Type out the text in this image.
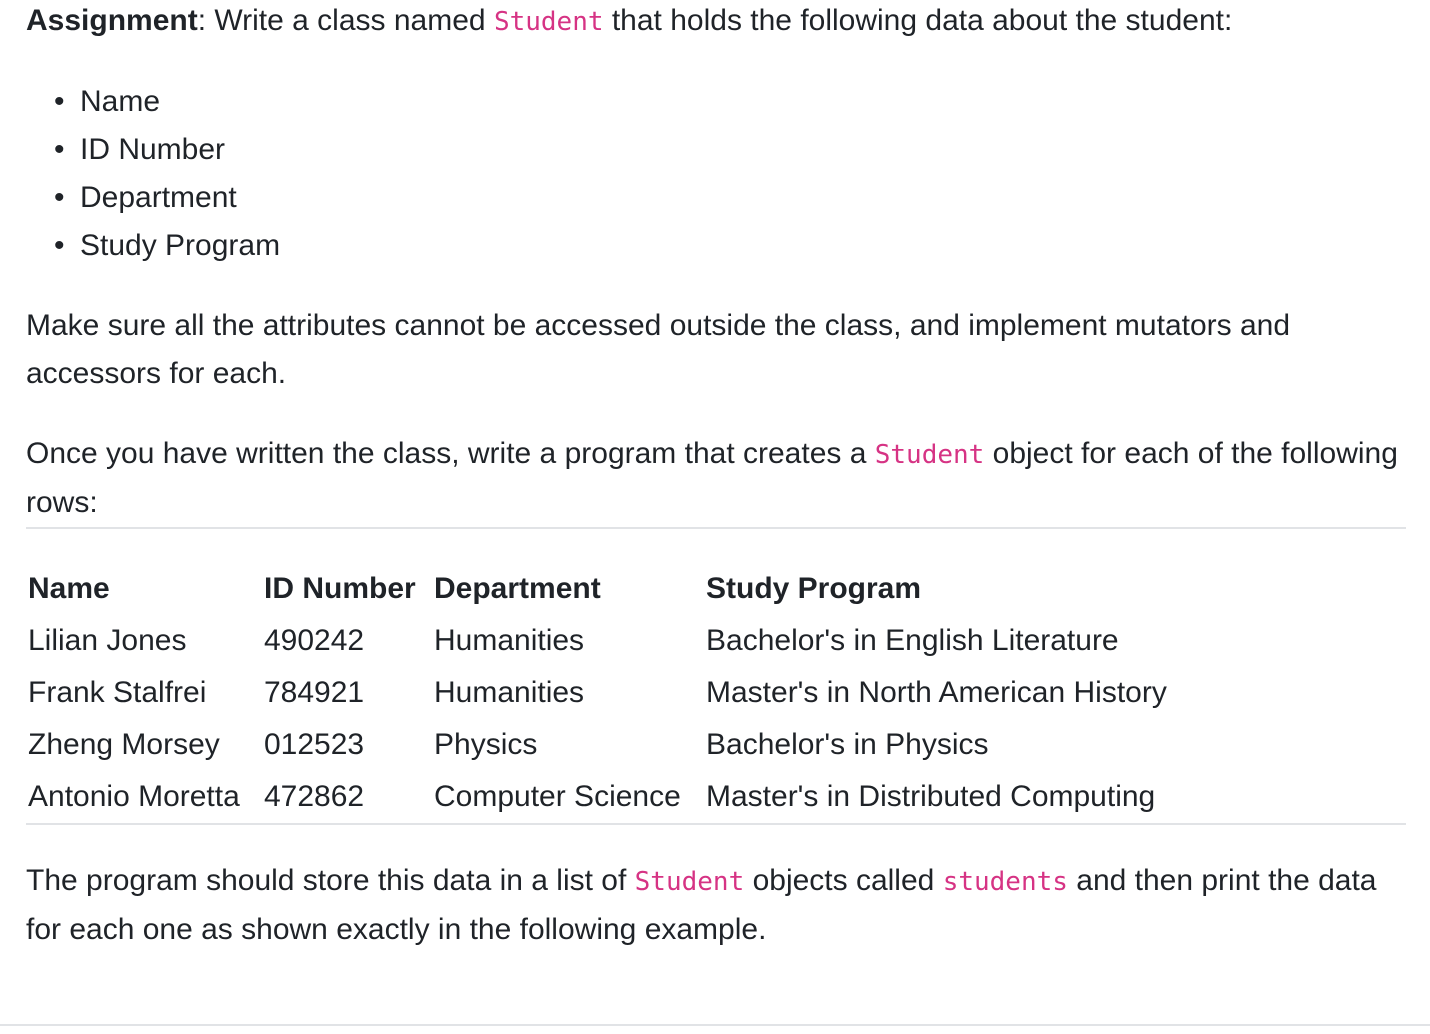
Assignment: Write a class named Student that holds the following data about the student:

• Name
• ID Number
• Department
• Study Program

Make sure all the attributes cannot be accessed outside the class, and implement mutators and accessors for each.

Once you have written the class, write a program that creates a Student object for each of the following rows:

Name	ID Number	Department	Study Program
Lilian Jones	490242	Humanities	Bachelor's in English Literature
Frank Stalfrei	784921	Humanities	Master's in North American History
Zheng Morsey	012523	Physics	Bachelor's in Physics
Antonio Moretta	472862	Computer Science	Master's in Distributed Computing

The program should store this data in a list of Student objects called students and then print the data for each one as shown exactly in the following example.
